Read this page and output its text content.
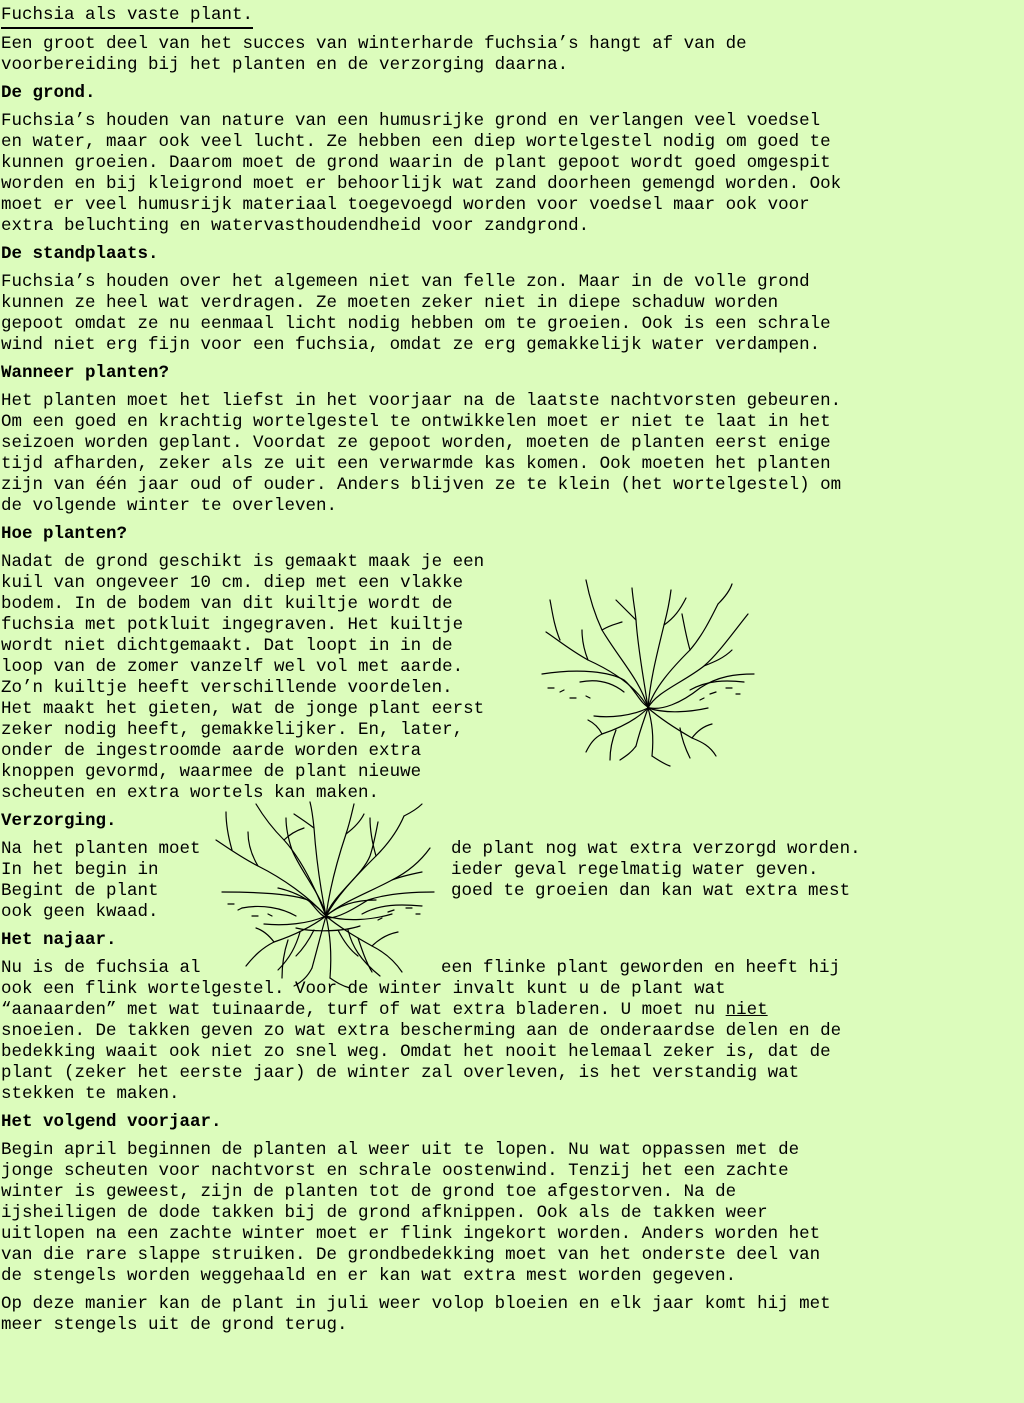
Fuchsia als vaste plant.

Een groot deel van het succes van winterharde fuchsia’s hangt af van de
voorbereiding bij het planten en de verzorging daarna.

De grond.

Fuchsia’s houden van nature van een humusrijke grond en verlangen veel voedsel
en water, maar ook veel lucht. Ze hebben een diep wortelgestel nodig om goed te
kunnen groeien. Daarom moet de grond waarin de plant gepoot wordt goed omgespit
worden en bij kleigrond moet er behoorlijk wat zand doorheen gemengd worden. Ook
moet er veel humusrijk materiaal toegevoegd worden voor voedsel maar ook voor
extra beluchting en watervasthoudendheid voor zandgrond.

De standplaats.

Fuchsia’s houden over het algemeen niet van felle zon. Maar in de volle grond
kunnen ze heel wat verdragen. Ze moeten zeker niet in diepe schaduw worden
gepoot omdat ze nu eenmaal licht nodig hebben om te groeien. Ook is een schrale
wind niet erg fijn voor een fuchsia, omdat ze erg gemakkelijk water verdampen.

Wanneer planten?

Het planten moet het liefst in het voorjaar na de laatste nachtvorsten gebeuren.
Om een goed en krachtig wortelgestel te ontwikkelen moet er niet te laat in het
seizoen worden geplant. Voordat ze gepoot worden, moeten de planten eerst enige
tijd afharden, zeker als ze uit een verwarmde kas komen. Ook moeten het planten
zijn van één jaar oud of ouder. Anders blijven ze te klein (het wortelgestel) om
de volgende winter te overleven.

Hoe planten?

Nadat de grond geschikt is gemaakt maak je een
kuil van ongeveer 10 cm. diep met een vlakke
bodem. In de bodem van dit kuiltje wordt de
fuchsia met potkluit ingegraven. Het kuiltje
wordt niet dichtgemaakt. Dat loopt in in de
loop van de zomer vanzelf wel vol met aarde.
Zo’n kuiltje heeft verschillende voordelen.
Het maakt het gieten, wat de jonge plant eerst
zeker nodig heeft, gemakkelijker. En, later,
onder de ingestroomde aarde worden extra
knoppen gevormd, waarmee de plant nieuwe
scheuten en extra wortels kan maken.

Verzorging.

Na het planten moet
In het begin in
Begint de plant
ook geen kwaad.

de plant nog wat extra verzorgd worden.
ieder geval regelmatig water geven.
goed te groeien dan kan wat extra mest

Het najaar.

Nu is de fuchsia al	een flinke plant geworden en heeft hij

ook een flink wortelgestel. Voor de winter invalt kunt u de plant wat
“aanaarden” met wat tuinaarde, turf of wat extra bladeren. U moet nu niet
snoeien. De takken geven zo wat extra bescherming aan de onderaardse delen en de
bedekking waait ook niet zo snel weg. Omdat het nooit helemaal zeker is, dat de
plant (zeker het eerste jaar) de winter zal overleven, is het verstandig wat
stekken te maken.

Het volgend voorjaar.

Begin april beginnen de planten al weer uit te lopen. Nu wat oppassen met de
jonge scheuten voor nachtvorst en schrale oostenwind. Tenzij het een zachte
winter is geweest, zijn de planten tot de grond toe afgestorven. Na de
ijsheiligen de dode takken bij de grond afknippen. Ook als de takken weer
uitlopen na een zachte winter moet er flink ingekort worden. Anders worden het
van die rare slappe struiken. De grondbedekking moet van het onderste deel van
de stengels worden weggehaald en er kan wat extra mest worden gegeven.

Op deze manier kan de plant in juli weer volop bloeien en elk jaar komt hij met
meer stengels uit de grond terug.
